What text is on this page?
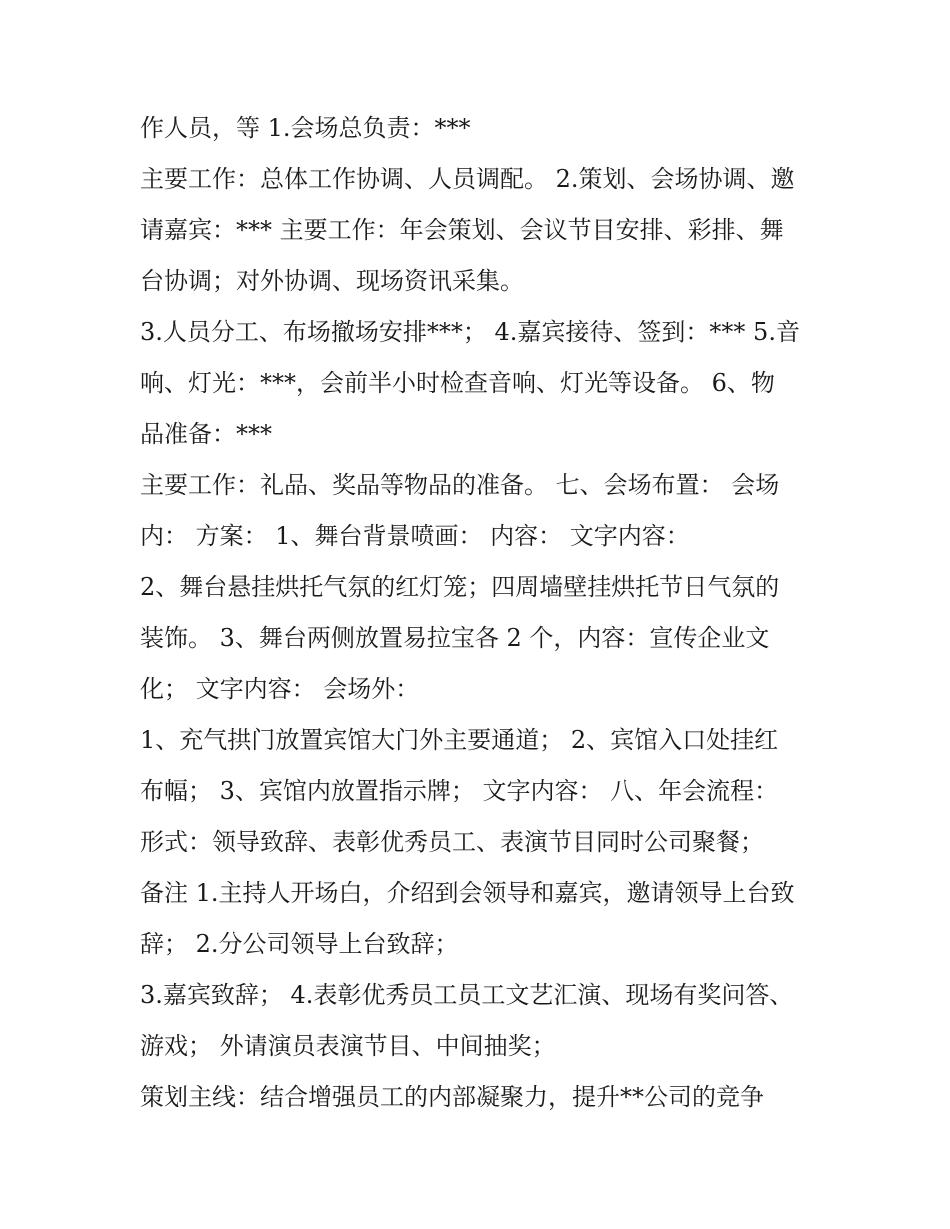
作人员，等 1.会场总负责：***
主要工作：总体工作协调、人员调配。 2.策划、会场协调、邀
请嘉宾：*** 主要工作：年会策划、会议节目安排、彩排、舞
台协调；对外协调、现场资讯采集。
3.人员分工、布场撤场安排***； 4.嘉宾接待、签到：*** 5.音
响、灯光：***，会前半小时检查音响、灯光等设备。 6、物
品准备：***
主要工作：礼品、奖品等物品的准备。 七、会场布置： 会场
内： 方案： 1、舞台背景喷画： 内容： 文字内容：
2、舞台悬挂烘托气氛的红灯笼；四周墙壁挂烘托节日气氛的
装饰。 3、舞台两侧放置易拉宝各 2 个，内容：宣传企业文
化； 文字内容： 会场外：
1、充气拱门放置宾馆大门外主要通道； 2、宾馆入口处挂红
布幅； 3、宾馆内放置指示牌； 文字内容： 八、年会流程：
形式：领导致辞、表彰优秀员工、表演节目同时公司聚餐；
备注 1.主持人开场白，介绍到会领导和嘉宾，邀请领导上台致
辞； 2.分公司领导上台致辞；
3.嘉宾致辞； 4.表彰优秀员工员工文艺汇演、现场有奖问答、
游戏； 外请演员表演节目、中间抽奖；
策划主线：结合增强员工的内部凝聚力，提升**公司的竞争
